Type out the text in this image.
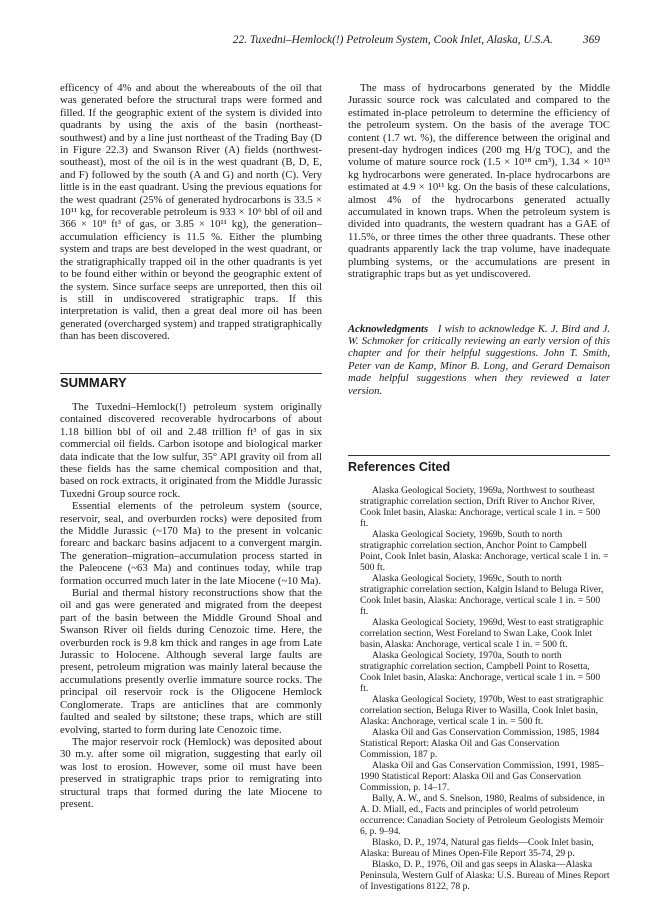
22. Tuxedni–Hemlock(!) Petroleum System, Cook Inlet, Alaska, U.S.A.	369

efficency of 4% and about the whereabouts of the oil that was generated before the structural traps were formed and filled. If the geographic extent of the system is divided into quadrants by using the axis of the basin (northeast-southwest) and by a line just northeast of the Trading Bay (D in Figure 22.3) and Swanson River (A) fields (northwest-southeast), most of the oil is in the west quadrant (B, D, E, and F) followed by the south (A and G) and north (C). Very little is in the east quadrant. Using the previous equations for the west quadrant (25% of generated hydrocarbons is 33.5 × 10¹¹ kg, for recoverable petroleum is 933 × 10⁶ bbl of oil and 366 × 10⁹ ft³ of gas, or 3.85 × 10¹¹ kg), the generation–accumulation efficiency is 11.5 %. Either the plumbing system and traps are best developed in the west quadrant, or the stratigraphically trapped oil in the other quadrants is yet to be found either within or beyond the geographic extent of the system. Since surface seeps are unreported, then this oil is still in undiscovered stratigraphic traps. If this interpretation is valid, then a great deal more oil has been generated (overcharged system) and trapped stratigraphically than has been discovered.

SUMMARY

The Tuxedni–Hemlock(!) petroleum system originally contained discovered recoverable hydrocarbons of about 1.18 billion bbl of oil and 2.48 trillion ft³ of gas in six commercial oil fields. Carbon isotope and biological marker data indicate that the low sulfur, 35° API gravity oil from all these fields has the same chemical composition and that, based on rock extracts, it originated from the Middle Jurassic Tuxedni Group source rock.

Essential elements of the petroleum system (source, reservoir, seal, and overburden rocks) were deposited from the Middle Jurassic (~170 Ma) to the present in volcanic forearc and backarc basins adjacent to a convergent margin. The generation–migration–accumulation process started in the Paleocene (~63 Ma) and continues today, while trap formation occurred much later in the late Miocene (~10 Ma).

Burial and thermal history reconstructions show that the oil and gas were generated and migrated from the deepest part of the basin between the Middle Ground Shoal and Swanson River oil fields during Cenozoic time. Here, the overburden rock is 9.8 km thick and ranges in age from Late Jurassic to Holocene. Although several large faults are present, petroleum migration was mainly lateral because the accumulations presently overlie immature source rocks. The principal oil reservoir rock is the Oligocene Hemlock Conglomerate. Traps are anticlines that are commonly faulted and sealed by siltstone; these traps, which are still evolving, started to form during late Cenozoic time.

The major reservoir rock (Hemlock) was deposited about 30 m.y. after some oil migration, suggesting that early oil was lost to erosion. However, some oil must have been preserved in stratigraphic traps prior to remigrating into structural traps that formed during the late Miocene to present.

The mass of hydrocarbons generated by the Middle Jurassic source rock was calculated and compared to the estimated in-place petroleum to determine the efficiency of the petroleum system. On the basis of the average TOC content (1.7 wt. %), the difference between the original and present-day hydrogen indices (200 mg H/g TOC), and the volume of mature source rock (1.5 × 10¹⁸ cm³), 1.34 × 10¹³ kg hydrocarbons were generated. In-place hydrocarbons are estimated at 4.9 × 10¹¹ kg. On the basis of these calculations, almost 4% of the hydrocarbons generated actually accumulated in known traps. When the petroleum system is divided into quadrants, the western quadrant has a GAE of 11.5%, or three times the other three quadrants. These other quadrants apparently lack the trap volume, have inadequate plumbing systems, or the accumulations are present in stratigraphic traps but as yet undiscovered.

Acknowledgments I wish to acknowledge K. J. Bird and J. W. Schmoker for critically reviewing an early version of this chapter and for their helpful suggestions. John T. Smith, Peter van de Kamp, Minor B. Long, and Gerard Demaison made helpful suggestions when they reviewed a later version.

References Cited

Alaska Geological Society, 1969a, Northwest to southeast stratigraphic correlation section, Drift River to Anchor River, Cook Inlet basin, Alaska: Anchorage, vertical scale 1 in. = 500 ft.

Alaska Geological Society, 1969b, South to north stratigraphic correlation section, Anchor Point to Campbell Point, Cook Inlet basin, Alaska: Anchorage, vertical scale 1 in. = 500 ft.

Alaska Geological Society, 1969c, South to north stratigraphic correlation section, Kalgin Island to Beluga River, Cook Inlet basin, Alaska: Anchorage, vertical scale 1 in. = 500 ft.

Alaska Geological Society, 1969d, West to east stratigraphic correlation section, West Foreland to Swan Lake, Cook Inlet basin, Alaska: Anchorage, vertical scale 1 in. = 500 ft.

Alaska Geological Society, 1970a, South to north stratigraphic correlation section, Campbell Point to Rosetta, Cook Inlet basin, Alaska: Anchorage, vertical scale 1 in. = 500 ft.

Alaska Geological Society, 1970b, West to east stratigraphic correlation section, Beluga River to Wasilla, Cook Inlet basin, Alaska: Anchorage, vertical scale 1 in. = 500 ft.

Alaska Oil and Gas Conservation Commission, 1985, 1984 Statistical Report: Alaska Oil and Gas Conservation Commission, 187 p.

Alaska Oil and Gas Conservation Commission, 1991, 1985–1990 Statistical Report: Alaska Oil and Gas Conservation Commission, p. 14–17.

Bally, A. W., and S. Snelson, 1980, Realms of subsidence, in A. D. Miall, ed., Facts and principles of world petroleum occurrence: Canadian Society of Petroleum Geologists Memoir 6, p. 9–94.

Blasko, D. P., 1974, Natural gas fields—Cook Inlet basin, Alaska: Bureau of Mines Open-File Report 35-74, 29 p.

Blasko, D. P., 1976, Oil and gas seeps in Alaska—Alaska Peninsula, Western Gulf of Alaska: U.S. Bureau of Mines Report of Investigations 8122, 78 p.
